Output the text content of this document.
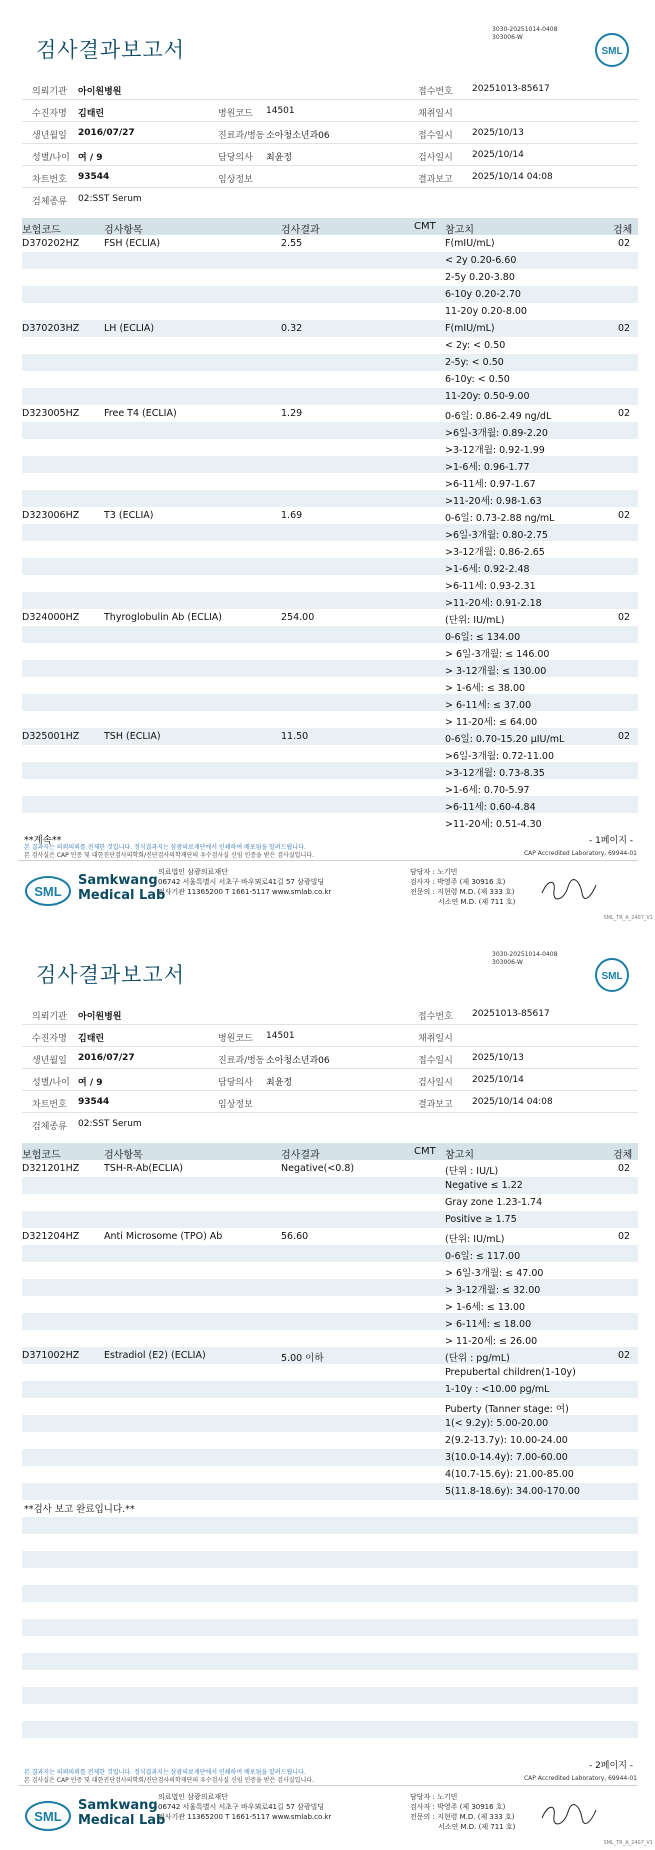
검사결과보고서
3030-20251014-0408
303006-W
SML
의뢰기관 아이원병원	접수번호 20251013-85617
수진자명 김태린	병원코드 14501	채취일시
생년월일 2016/07/27	진료과/병동 소아청소년과06	접수일시 2025/10/13
성별/나이 여 / 9	담당의사 최윤정	검사일시 2025/10/14
차트번호 93544	임상정보	결과보고 2025/10/14 04:08
검체종류 02:SST Serum
보험코드	검사항목	검사결과	CMT 참고치	검체
D370202HZ	FSH (ECLIA)	2.55	F(mIU/mL)	02
< 2y 0.20-6.60
2-5y 0.20-3.80
6-10y 0.20-2.70
11-20y 0.20-8.00
D370203HZ	LH (ECLIA)	0.32	F(mIU/mL)	02
< 2y: < 0.50
2-5y: < 0.50
6-10y: < 0.50
11-20y: 0.50-9.00
D323005HZ	Free T4 (ECLIA)	1.29	0-6일: 0.86-2.49 ng/dL	02
>6일-3개월: 0.89-2.20
>3-12개월: 0.92-1.99
>1-6세: 0.96-1.77
>6-11세: 0.97-1.67
>11-20세: 0.98-1.63
D323006HZ	T3 (ECLIA)	1.69	0-6일: 0.73-2.88 ng/mL	02
>6일-3개월: 0.80-2.75
>3-12개월: 0.86-2.65
>1-6세: 0.92-2.48
>6-11세: 0.93-2.31
>11-20세: 0.91-2.18
D324000HZ	Thyroglobulin Ab (ECLIA)	254.00	(단위: IU/mL)	02
0-6일: ≤ 134.00
> 6일-3개월: ≤ 146.00
> 3-12개월: ≤ 130.00
> 1-6세: ≤ 38.00
> 6-11세: ≤ 37.00
> 11-20세: ≤ 64.00
D325001HZ	TSH (ECLIA)	11.50	0-6일: 0.70-15.20 μIU/mL	02
>6일-3개월: 0.72-11.00
>3-12개월: 0.73-8.35
>1-6세: 0.70-5.97
>6-11세: 0.60-4.84
>11-20세: 0.51-4.30
**계속**	- 1페이지 -
본 결과지는 의뢰의뢰를 전제한 것입니다. 정식결과지는 삼광의료재단에서 인쇄하여 배포됨을 알려드립니다.
본 검사실은 CAP 인증 및 대한진단검사의학회/진단검사의학재단의 우수검사실 신임 인증을 받은 검사실입니다.	CAP Accredited Laboratory, 69944-01
SML
Samkwang
Medical Lab
의료법인 삼광의료재단
06742 서울특별시 서초구 바우뫼로41길 57 삼광빌딩
검사기관 11365200 T 1661-5117 www.smlab.co.kr
담당자 : 노기민
검사자 : 박영주 (제 30916 호)
전문의 : 지현령 M.D. (제 333 호)
서소연 M.D. (제 711 호)
SML_TR_A_2407_V1
검사결과보고서
3030-20251014-0408
303006-W
SML
의뢰기관 아이원병원	접수번호 20251013-85617
수진자명 김태린	병원코드 14501	채취일시
생년월일 2016/07/27	진료과/병동 소아청소년과06	접수일시 2025/10/13
성별/나이 여 / 9	담당의사 최윤정	검사일시 2025/10/14
차트번호 93544	임상정보	결과보고 2025/10/14 04:08
검체종류 02:SST Serum
보험코드	검사항목	검사결과	CMT 참고치	검체
D321201HZ	TSH-R-Ab(ECLIA)	Negative(<0.8)	(단위 : IU/L)	02
Negative ≤ 1.22
Gray zone 1.23-1.74
Positive ≥ 1.75
D321204HZ	Anti Microsome (TPO) Ab	56.60	(단위: IU/mL)	02
0-6일: ≤ 117.00
> 6일-3개월: ≤ 47.00
> 3-12개월: ≤ 32.00
> 1-6세: ≤ 13.00
> 6-11세: ≤ 18.00
> 11-20세: ≤ 26.00
D371002HZ	Estradiol (E2) (ECLIA)	5.00 이하	(단위 : pg/mL)	02
Prepubertal children(1-10y)
1-10y : <10.00 pg/mL
Puberty (Tanner stage: 여)
1(< 9.2y): 5.00-20.00
2(9.2-13.7y): 10.00-24.00
3(10.0-14.4y): 7.00-60.00
4(10.7-15.6y): 21.00-85.00
5(11.8-18.6y): 34.00-170.00
**검사 보고 완료입니다.**
- 2페이지 -
본 결과지는 의뢰의뢰를 전제한 것입니다. 정식결과지는 삼광의료재단에서 인쇄하여 배포됨을 알려드립니다.
본 검사실은 CAP 인증 및 대한진단검사의학회/진단검사의학재단의 우수검사실 신임 인증을 받은 검사실입니다.	CAP Accredited Laboratory, 69944-01
SML
Samkwang
Medical Lab
의료법인 삼광의료재단
06742 서울특별시 서초구 바우뫼로41길 57 삼광빌딩
검사기관 11365200 T 1661-5117 www.smlab.co.kr
담당자 : 노기민
검사자 : 박영주 (제 30916 호)
전문의 : 지현령 M.D. (제 333 호)
서소연 M.D. (제 711 호)
SML_TR_A_2407_V1
